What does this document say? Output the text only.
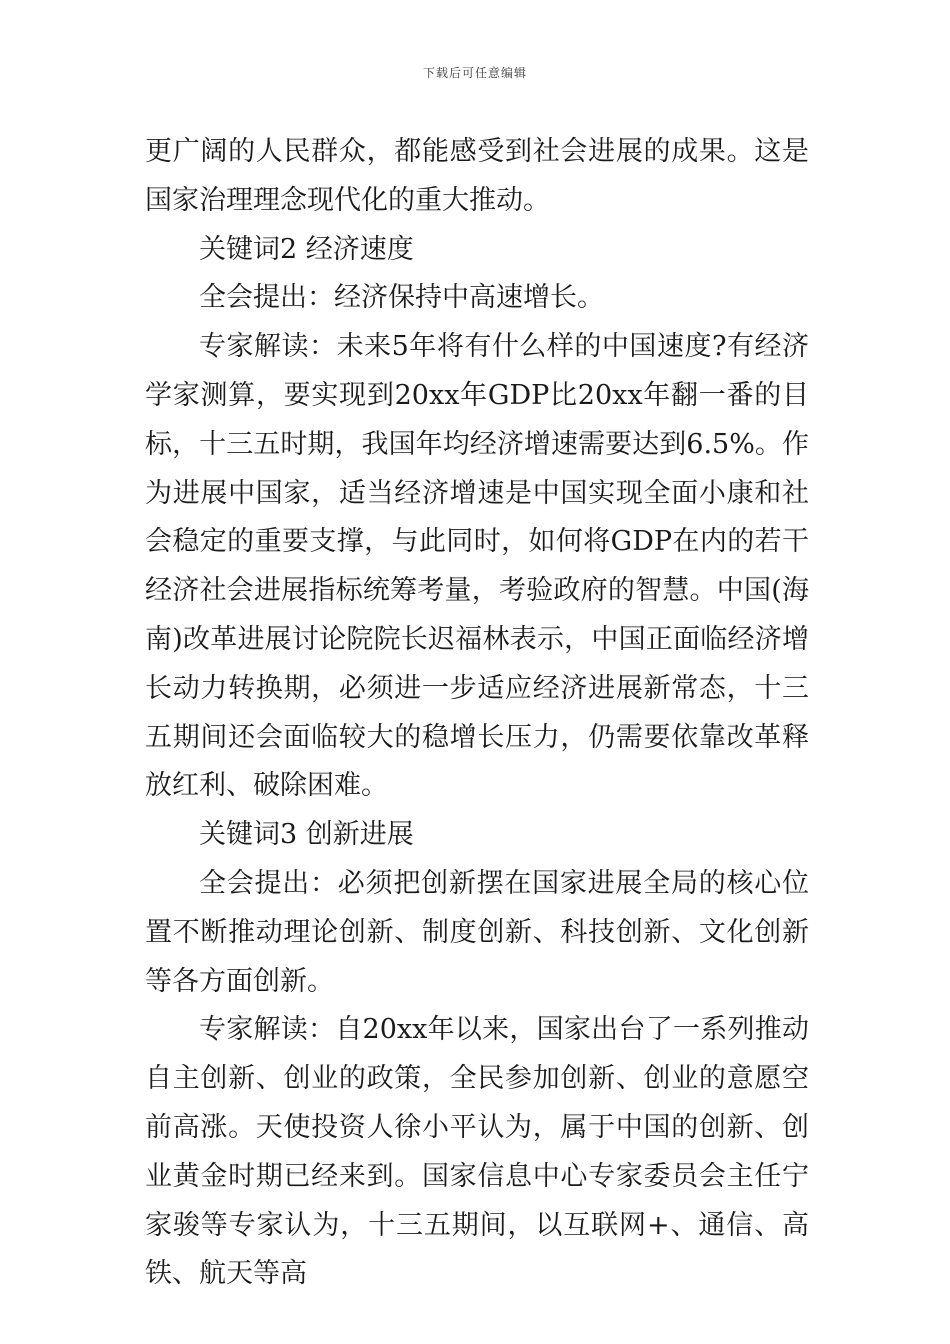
下载后可任意编辑

更广阔的人民群众，都能感受到社会进展的成果。这是国家治理理念现代化的重大推动。

关键词2 经济速度

全会提出：经济保持中高速增长。

专家解读：未来5年将有什么样的中国速度?有经济学家测算，要实现到20xx年GDP比20xx年翻一番的目标，十三五时期，我国年均经济增速需要达到6.5%。作为进展中国家，适当经济增速是中国实现全面小康和社会稳定的重要支撑，与此同时，如何将GDP在内的若干经济社会进展指标统筹考量，考验政府的智慧。中国(海南)改革进展讨论院院长迟福林表示，中国正面临经济增长动力转换期，必须进一步适应经济进展新常态，十三五期间还会面临较大的稳增长压力，仍需要依靠改革释放红利、破除困难。

关键词3 创新进展

全会提出：必须把创新摆在国家进展全局的核心位置不断推动理论创新、制度创新、科技创新、文化创新等各方面创新。

专家解读：自20xx年以来，国家出台了一系列推动自主创新、创业的政策，全民参加创新、创业的意愿空前高涨。天使投资人徐小平认为，属于中国的创新、创业黄金时期已经来到。国家信息中心专家委员会主任宁家骏等专家认为，十三五期间，以互联网+、通信、高铁、航天等高
